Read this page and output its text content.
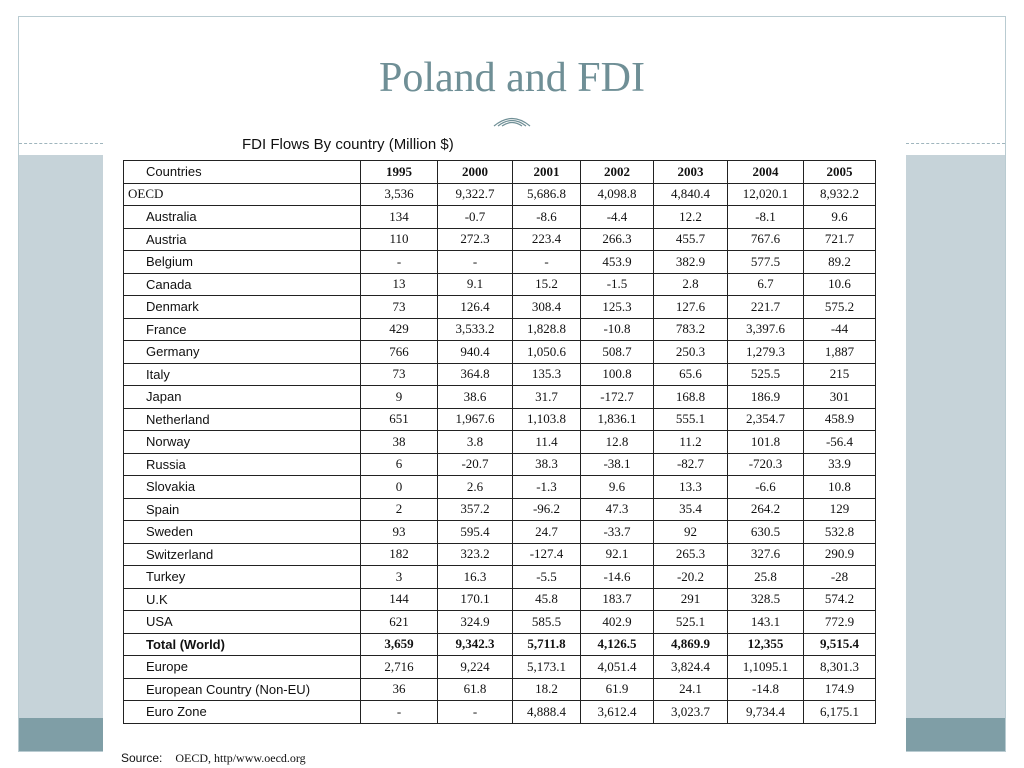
Poland and FDI
FDI Flows By country (Million $)
Countries	1995	2000	2001	2002	2003	2004	2005
OECD	3,536	9,322.7	5,686.8	4,098.8	4,840.4	12,020.1	8,932.2
Australia	134	-0.7	-8.6	-4.4	12.2	-8.1	9.6
Austria	110	272.3	223.4	266.3	455.7	767.6	721.7
Belgium	-	-	-	453.9	382.9	577.5	89.2
Canada	13	9.1	15.2	-1.5	2.8	6.7	10.6
Denmark	73	126.4	308.4	125.3	127.6	221.7	575.2
France	429	3,533.2	1,828.8	-10.8	783.2	3,397.6	-44
Germany	766	940.4	1,050.6	508.7	250.3	1,279.3	1,887
Italy	73	364.8	135.3	100.8	65.6	525.5	215
Japan	9	38.6	31.7	-172.7	168.8	186.9	301
Netherland	651	1,967.6	1,103.8	1,836.1	555.1	2,354.7	458.9
Norway	38	3.8	11.4	12.8	11.2	101.8	-56.4
Russia	6	-20.7	38.3	-38.1	-82.7	-720.3	33.9
Slovakia	0	2.6	-1.3	9.6	13.3	-6.6	10.8
Spain	2	357.2	-96.2	47.3	35.4	264.2	129
Sweden	93	595.4	24.7	-33.7	92	630.5	532.8
Switzerland	182	323.2	-127.4	92.1	265.3	327.6	290.9
Turkey	3	16.3	-5.5	-14.6	-20.2	25.8	-28
U.K	144	170.1	45.8	183.7	291	328.5	574.2
USA	621	324.9	585.5	402.9	525.1	143.1	772.9
Total (World)	3,659	9,342.3	5,711.8	4,126.5	4,869.9	12,355	9,515.4
Europe	2,716	9,224	5,173.1	4,051.4	3,824.4	1,1095.1	8,301.3
European Country (Non-EU)	36	61.8	18.2	61.9	24.1	-14.8	174.9
Euro Zone	-	-	4,888.4	3,612.4	3,023.7	9,734.4	6,175.1
Source: OECD, http/www.oecd.org
